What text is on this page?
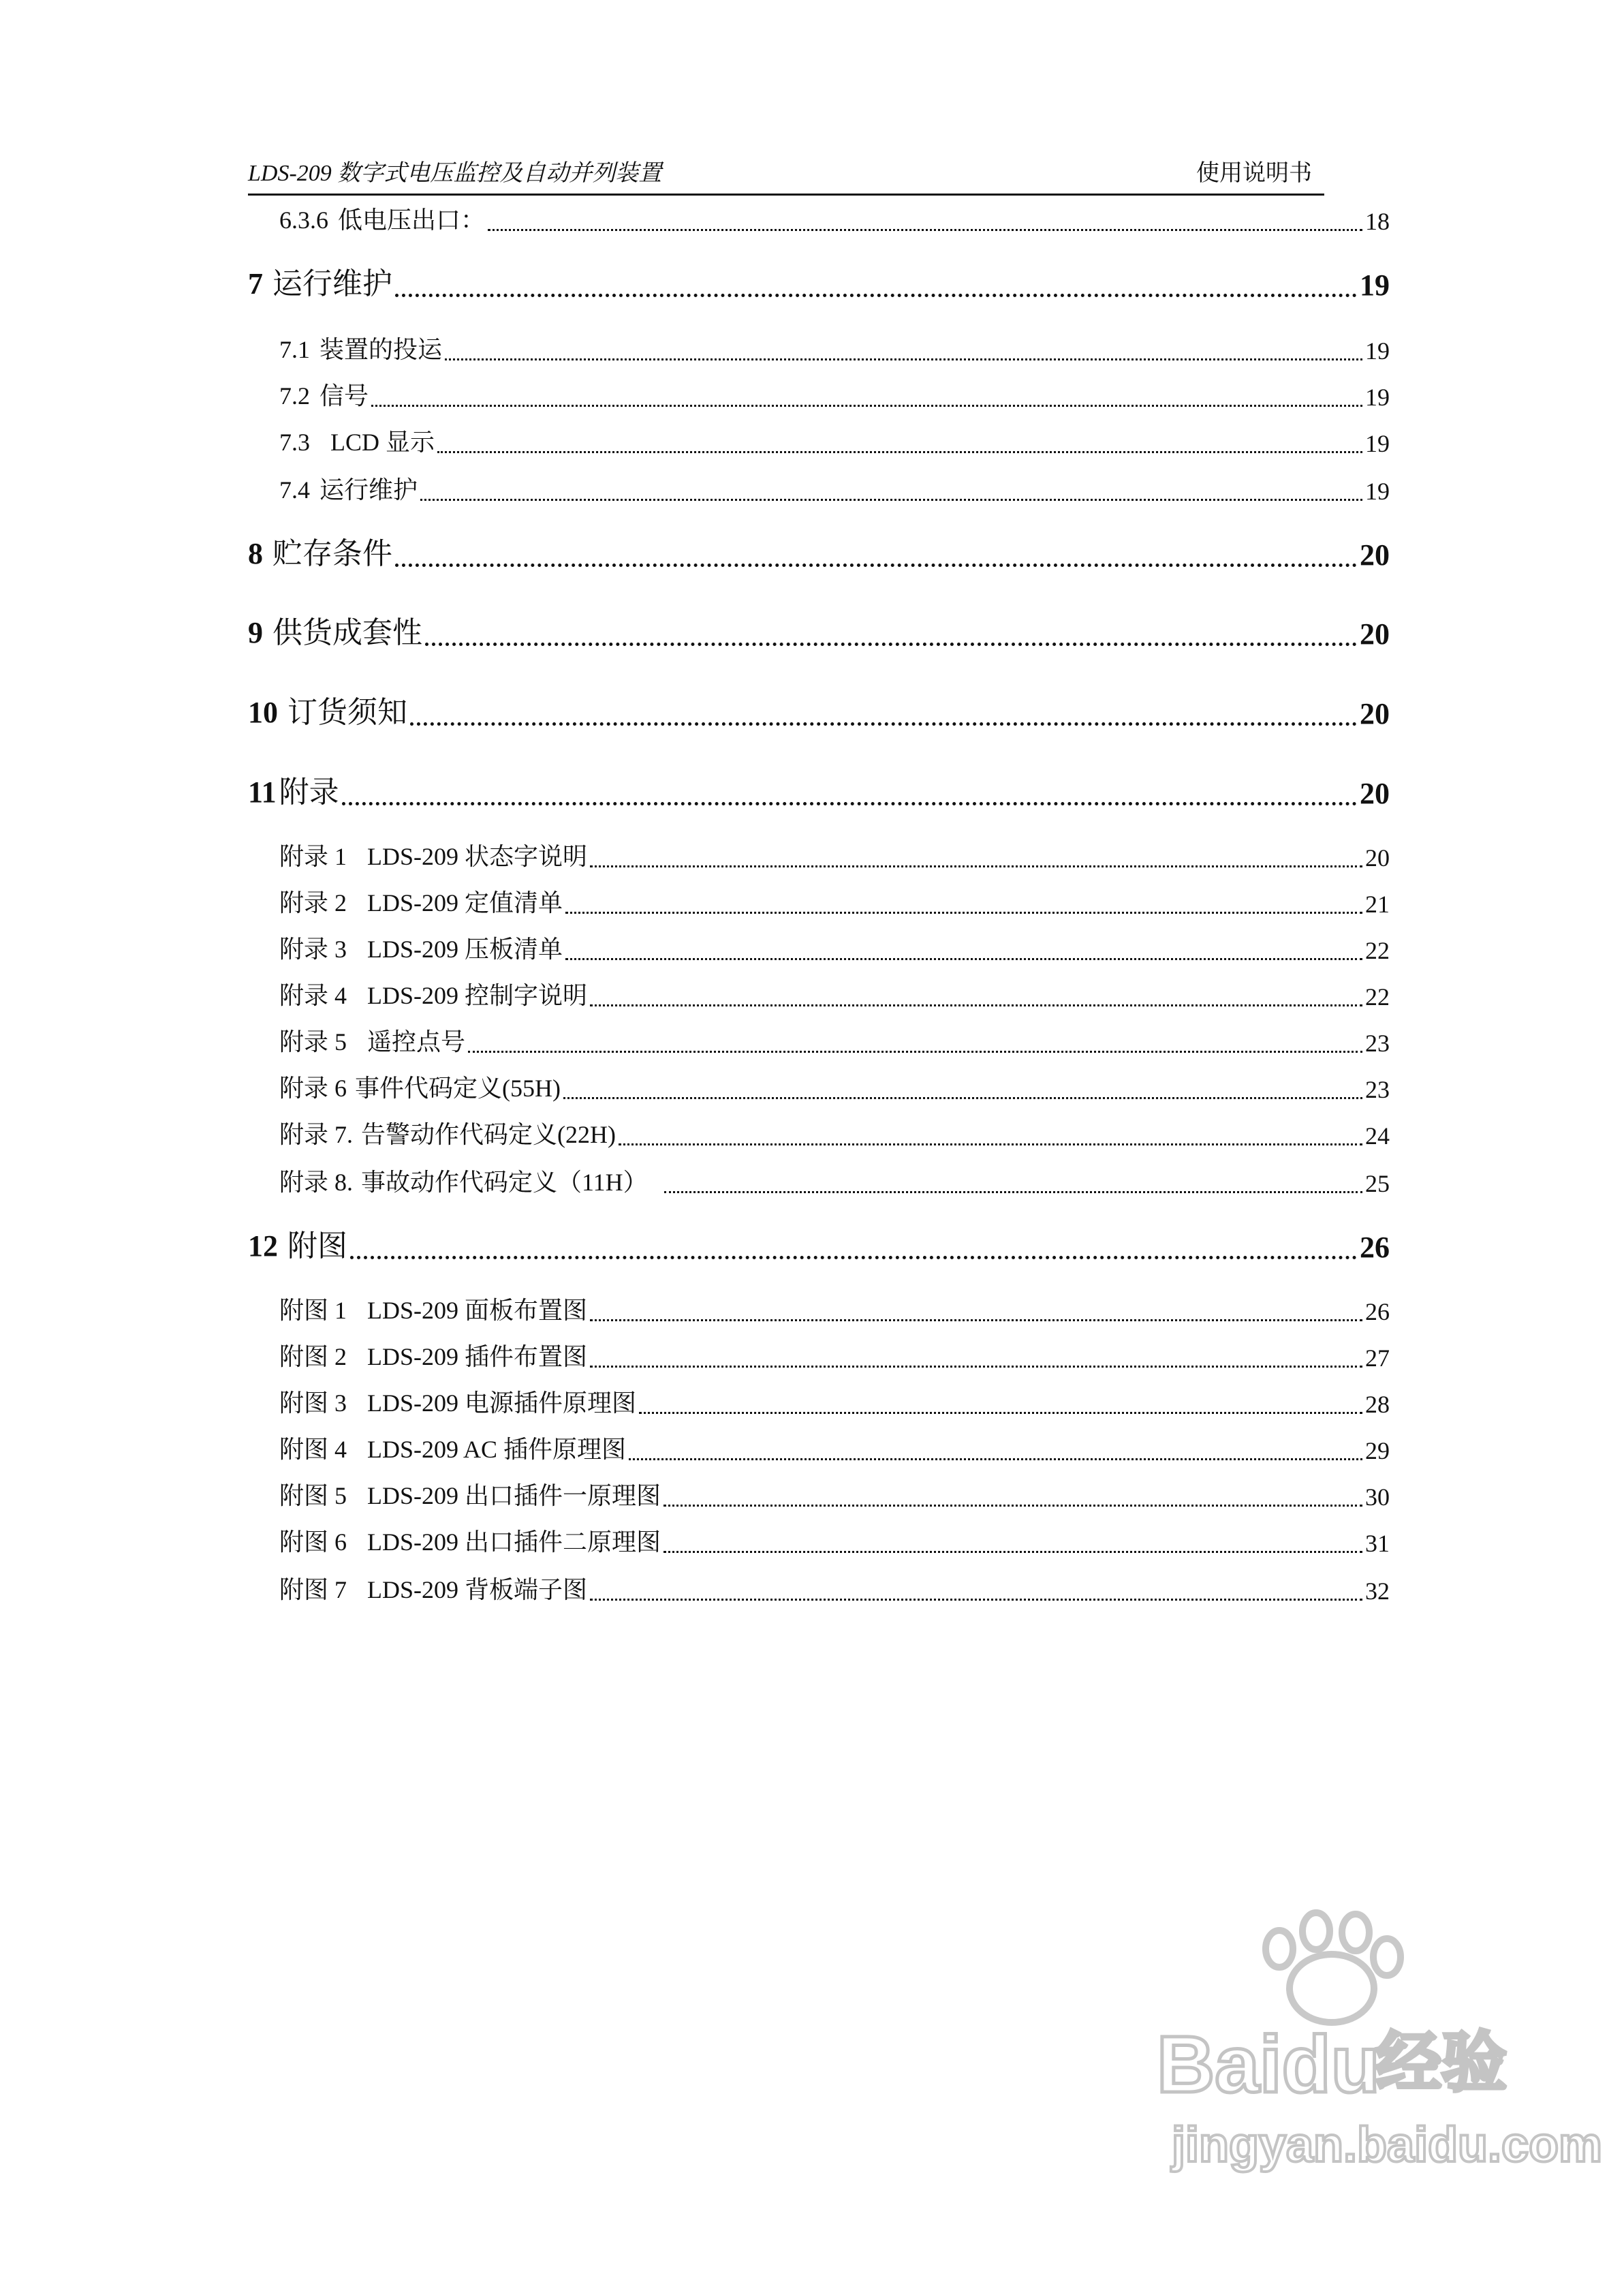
LDS-209 数字式电压监控及自动并列装置	使用说明书
6.3.6 低电压出口：	18
7 运行维护	19
7.1 装置的投运	19
7.2 信号	19
7.3 LCD 显示	19
7.4 运行维护	19
8 贮存条件	20
9 供货成套性	20
10 订货须知	20
11附录	20
附录 1 LDS-209 状态字说明	20
附录 2 LDS-209 定值清单	21
附录 3 LDS-209 压板清单	22
附录 4 LDS-209 控制字说明	22
附录 5 遥控点号	23
附录 6 事件代码定义(55H)	23
附录 7. 告警动作代码定义(22H)	24
附录 8. 事故动作代码定义（11H）	25
12 附图	26
附图 1 LDS-209 面板布置图	26
附图 2 LDS-209 插件布置图	27
附图 3 LDS-209 电源插件原理图	28
附图 4 LDS-209 AC 插件原理图	29
附图 5 LDS-209 出口插件一原理图	30
附图 6 LDS-209 出口插件二原理图	31
附图 7 LDS-209 背板端子图	32
Baidu
经验
jingyan.baidu.com
